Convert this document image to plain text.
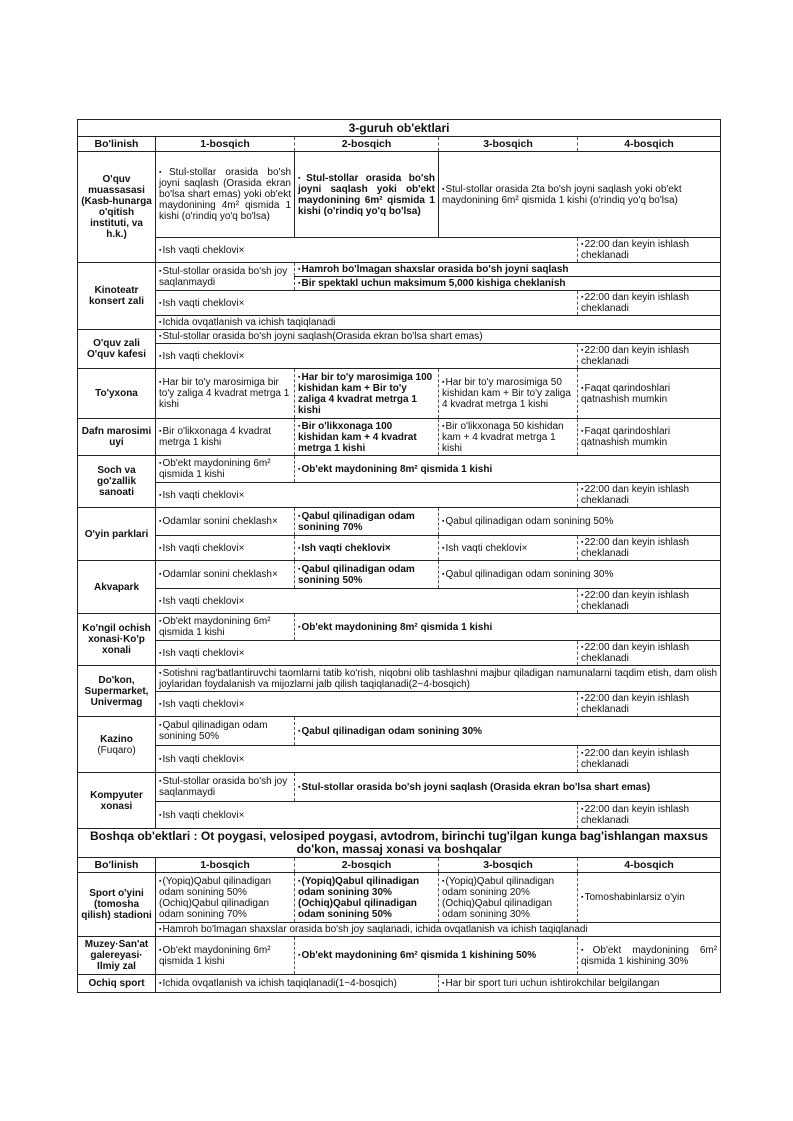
3-guruh ob'ektlari				
Bo'linish	1-bosqich	2-bosqich	3-bosqich	4-bosqich
O'quv muassasasi (Kasb-hunarga o'qitish instituti, va h.k.)	▪Stul-stollar orasida bo'sh joyni saqlash (Orasida ekran bo'lsa shart emas) yoki ob'ekt maydonining 4m² qismida 1 kishi (o'rindiq yo'q bo'lsa)	▪Stul-stollar orasida bo'sh joyni saqlash yoki ob'ekt maydonining 6m² qismida 1 kishi (o'rindiq yo'q bo'lsa)	▪Stul-stollar orasida 2ta bo'sh joyni saqlash yoki ob'ekt maydonining 6m² qismida 1 kishi (o'rindiq yo'q bo'lsa)	
	▪Ish vaqti cheklovi×			▪22:00 dan keyin ishlash cheklanadi
Kinoteatr konsert zali	▪Stul-stollar orasida bo'sh joy saqlanmaydi	▪Hamroh bo'lmagan shaxslar orasida bo'sh joyni saqlash		
		▪Bir spektakl uchun maksimum 5,000 kishiga cheklanish		
	▪Ish vaqti cheklovi×			▪22:00 dan keyin ishlash cheklanadi
	▪Ichida ovqatlanish va ichish taqiqlanadi			
O'quv zali O'quv kafesi	▪Stul-stollar orasida bo'sh joyni saqlash(Orasida ekran bo'lsa shart emas)			
	▪Ish vaqti cheklovi×			▪22:00 dan keyin ishlash cheklanadi
To'yxona	▪Har bir to'y marosimiga bir to'y zaliga 4 kvadrat metrga 1 kishi	▪Har bir to'y marosimiga 100 kishidan kam + Bir to'y zaliga 4 kvadrat metrga 1 kishi	▪Har bir to'y marosimiga 50 kishidan kam + Bir to'y zaliga 4 kvadrat metrga 1 kishi	▪Faqat qarindoshlari qatnashish mumkin
Dafn marosimi uyi	▪Bir o'likxonaga 4 kvadrat metrga 1 kishi	▪Bir o'likxonaga 100 kishidan kam + 4 kvadrat metrga 1 kishi	▪Bir o'likxonaga 50 kishidan kam + 4 kvadrat metrga 1 kishi	▪Faqat qarindoshlari qatnashish mumkin
Soch va go'zallik sanoati	▪Ob'ekt maydonining 6m² qismida 1 kishi	▪Ob'ekt maydonining 8m² qismida 1 kishi		
	▪Ish vaqti cheklovi×			▪22:00 dan keyin ishlash cheklanadi
O'yin parklari	▪Odamlar sonini cheklash×	▪Qabul qilinadigan odam sonining 70%	▪Qabul qilinadigan odam sonining 50%	
	▪Ish vaqti cheklovi×	▪Ish vaqti cheklovi×	▪Ish vaqti cheklovi×	▪22:00 dan keyin ishlash cheklanadi
Akvapark	▪Odamlar sonini cheklash×	▪Qabul qilinadigan odam sonining 50%	▪Qabul qilinadigan odam sonining 30%	
	▪Ish vaqti cheklovi×			▪22:00 dan keyin ishlash cheklanadi
Ko'ngil ochish xonasi·Ko'p xonali	▪Ob'ekt maydonining 6m² qismida 1 kishi	▪Ob'ekt maydonining 8m² qismida 1 kishi		
	▪Ish vaqti cheklovi×			▪22:00 dan keyin ishlash cheklanadi
Do'kon, Supermarket, Univermag	▪Sotishni rag'batlantiruvchi taomlarni tatib ko'rish, niqobni olib tashlashni majbur qiladigan namunalarni taqdim etish, dam olish joylaridan foydalanish va mijozlarni jalb qilish taqiqlanadi(2~4-bosqich)			
	▪Ish vaqti cheklovi×			▪22:00 dan keyin ishlash cheklanadi
Kazino
(Fuqaro)	▪Qabul qilinadigan odam sonining 50%	▪Qabul qilinadigan odam sonining 30%		
	▪Ish vaqti cheklovi×			▪22:00 dan keyin ishlash cheklanadi
Kompyuter xonasi	▪Stul-stollar orasida bo'sh joy saqlanmaydi	▪Stul-stollar orasida bo'sh joyni saqlash (Orasida ekran bo'lsa shart emas)		
	▪Ish vaqti cheklovi×			▪22:00 dan keyin ishlash cheklanadi
Boshqa ob'ektlari : Ot poygasi, velosiped poygasi, avtodrom, birinchi tug'ilgan kunga bag'ishlangan maxsus do'kon, massaj xonasi va boshqalar				
Bo'linish	1-bosqich	2-bosqich	3-bosqich	4-bosqich
Sport o'yini (tomosha qilish) stadioni	▪(Yopiq)Qabul qilinadigan odam sonining 50% (Ochiq)Qabul qilinadigan odam sonining 70%	▪(Yopiq)Qabul qilinadigan odam sonining 30% (Ochiq)Qabul qilinadigan odam sonining 50%	▪(Yopiq)Qabul qilinadigan odam sonining 20% (Ochiq)Qabul qilinadigan odam sonining 30%	▪Tomoshabinlarsiz o'yin
	▪Hamroh bo'lmagan shaxslar orasida bo'sh joy saqlanadi, ichida ovqatlanish va ichish taqiqlanadi			
Muzey·San'at galereyasi· Ilmiy zal	▪Ob'ekt maydonining 6m² qismida 1 kishi	▪Ob'ekt maydonining 6m² qismida 1 kishining 50%		▪Ob'ekt maydonining 6m² qismida 1 kishining 30%
Ochiq sport	▪Ichida ovqatlanish va ichish taqiqlanadi(1~4-bosqich)		▪Har bir sport turi uchun ishtirokchilar belgilangan	
